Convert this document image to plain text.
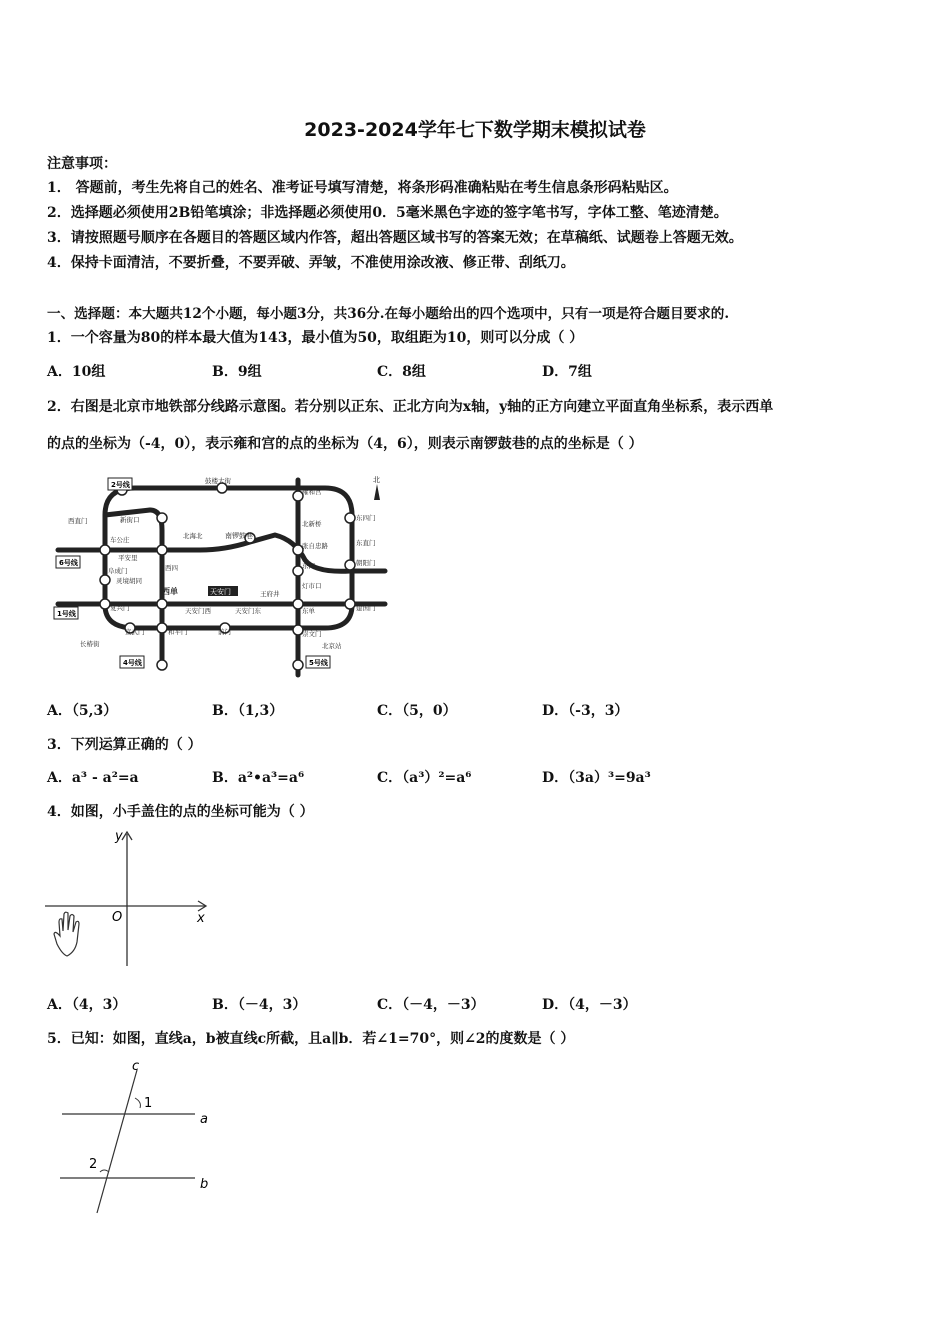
2023-2024学年七下数学期末模拟试卷
注意事项：
1． 答题前，考生先将自己的姓名、准考证号填写清楚，将条形码准确粘贴在考生信息条形码粘贴区。
2．选择题必须使用2B铅笔填涂；非选择题必须使用0．5毫米黑色字迹的签字笔书写，字体工整、笔迹清楚。
3．请按照题号顺序在各题目的答题区域内作答，超出答题区域书写的答案无效；在草稿纸、试题卷上答题无效。
4．保持卡面清洁，不要折叠，不要弄破、弄皱，不准使用涂改液、修正带、刮纸刀。
一、选择题：本大题共12个小题，每小题3分，共36分.在每小题给出的四个选项中，只有一项是符合题目要求的.
1．一个容量为80的样本最大值为143，最小值为50，取组距为10，则可以分成（ ）
A．10组	B．9组	C．8组	D．7组
2．右图是北京市地铁部分线路示意图。若分别以正东、正北方向为x轴，y轴的正方向建立平面直角坐标系，表示西单
的点的坐标为（-4，0），表示雍和宫的点的坐标为（4，6），则表示南锣鼓巷的点的坐标是（ ）
鼓楼大街
雍和宫
北新桥
东四门
张自忠路
东四
灯市口
朝阳门
西直门	新街口
平安里
西四
灵境胡同
西单
车公庄
阜成门
复兴门
南锣鼓巷
北海北
天安门西	天安门东
王府井
东单	建国门
宣武门	和平门	前门	崇文门
长椿街	北京站
东直门
天安门
2号线
6号线
1号线
4号线	5号线
北
A．（5,3）	B．（1,3）	C．（5，0）	D．（-3，3）
3．下列运算正确的（ ）
A．a³ - a²=a	B．a²•a³=a⁶	C．（a³）²=a⁶	D．（3a）³=9a³
4．如图，小手盖住的点的坐标可能为（ ）
y
x
O
A．（4，3）	B．（－4，3）	C．（－4，－3）	D．（4，－3）
5．已知：如图，直线a，b被直线c所截，且a∥b．若∠1=70°，则∠2的度数是（ ）
c
a
b
1
2
